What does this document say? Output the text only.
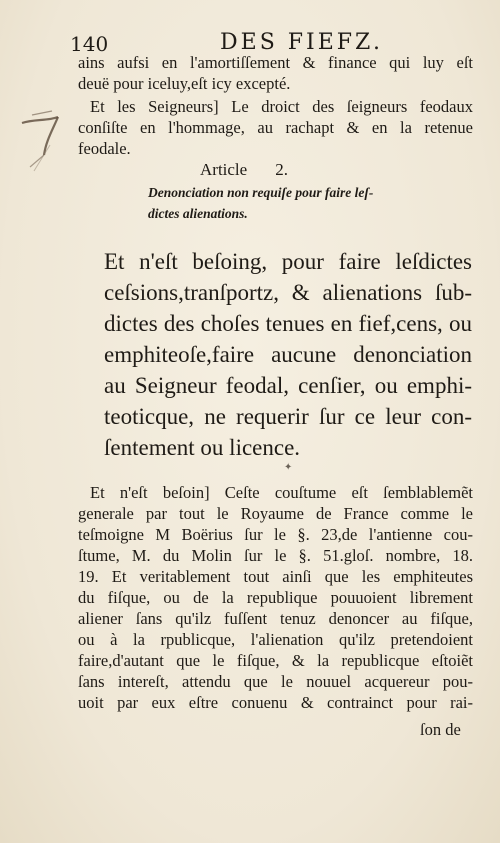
140	DES FIEFZ.
ains aufsi en l'amortiſſement & finance qui luy eſt
deuë pour iceluy,eſt icy excepté.
Et les Seigneurs] Le droict des ſeigneurs feodaux
conſiſte en l'hommage, au rachapt & en la retenue
feodale.
Article 2.
Denonciation non requiſe pour faire leſ-
dictes alienations.
Et n'eſt beſoing, pour faire leſdictes
ceſsions,tranſportz, & alienations ſub-
dictes des choſes tenues en fief,cens, ou
emphiteoſe,faire aucune denonciation
au Seigneur feodal, cenſier, ou emphi-
teoticque, ne requerir ſur ce leur con-
ſentement ou licence.
✦
Et n'eſt beſoin] Ceſte couſtume eſt ſemblablemẽt
generale par tout le Royaume de France comme le
teſmoigne M Boërius ſur le §. 23,de l'antienne cou-
ſtume, M. du Molin ſur le §. 51.gloſ. nombre, 18.
19. Et veritablement tout ainſi que les emphiteutes
du fiſque, ou de la republique pouuoient librement
aliener ſans qu'ilz fuſſent tenuz denoncer au fiſque,
ou à la rpublicque, l'alienation qu'ilz pretendoient
faire,d'autant que le fiſque, & la republicque eſtoiẽt
ſans intereſt, attendu que le nouuel acquereur pou-
uoit par eux eſtre conuenu & contrainct pour rai-
ſon de
